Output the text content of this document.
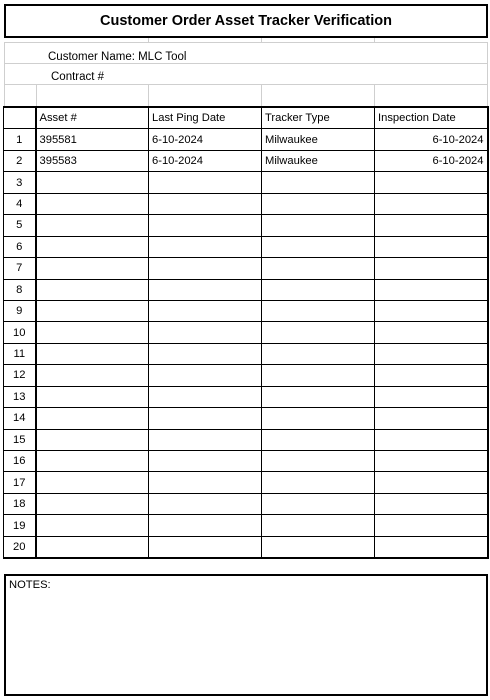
Customer Order Asset Tracker Verification
Customer Name: MLC Tool
Contract #
	Asset #	Last Ping Date	Tracker Type	Inspection Date
1	395581	6-10-2024	Milwaukee	6-10-2024
2	395583	6-10-2024	Milwaukee	6-10-2024
3				
4				
5				
6				
7				
8				
9				
10				
11				
12				
13				
14				
15				
16				
17				
18				
19				
20				
NOTES:
